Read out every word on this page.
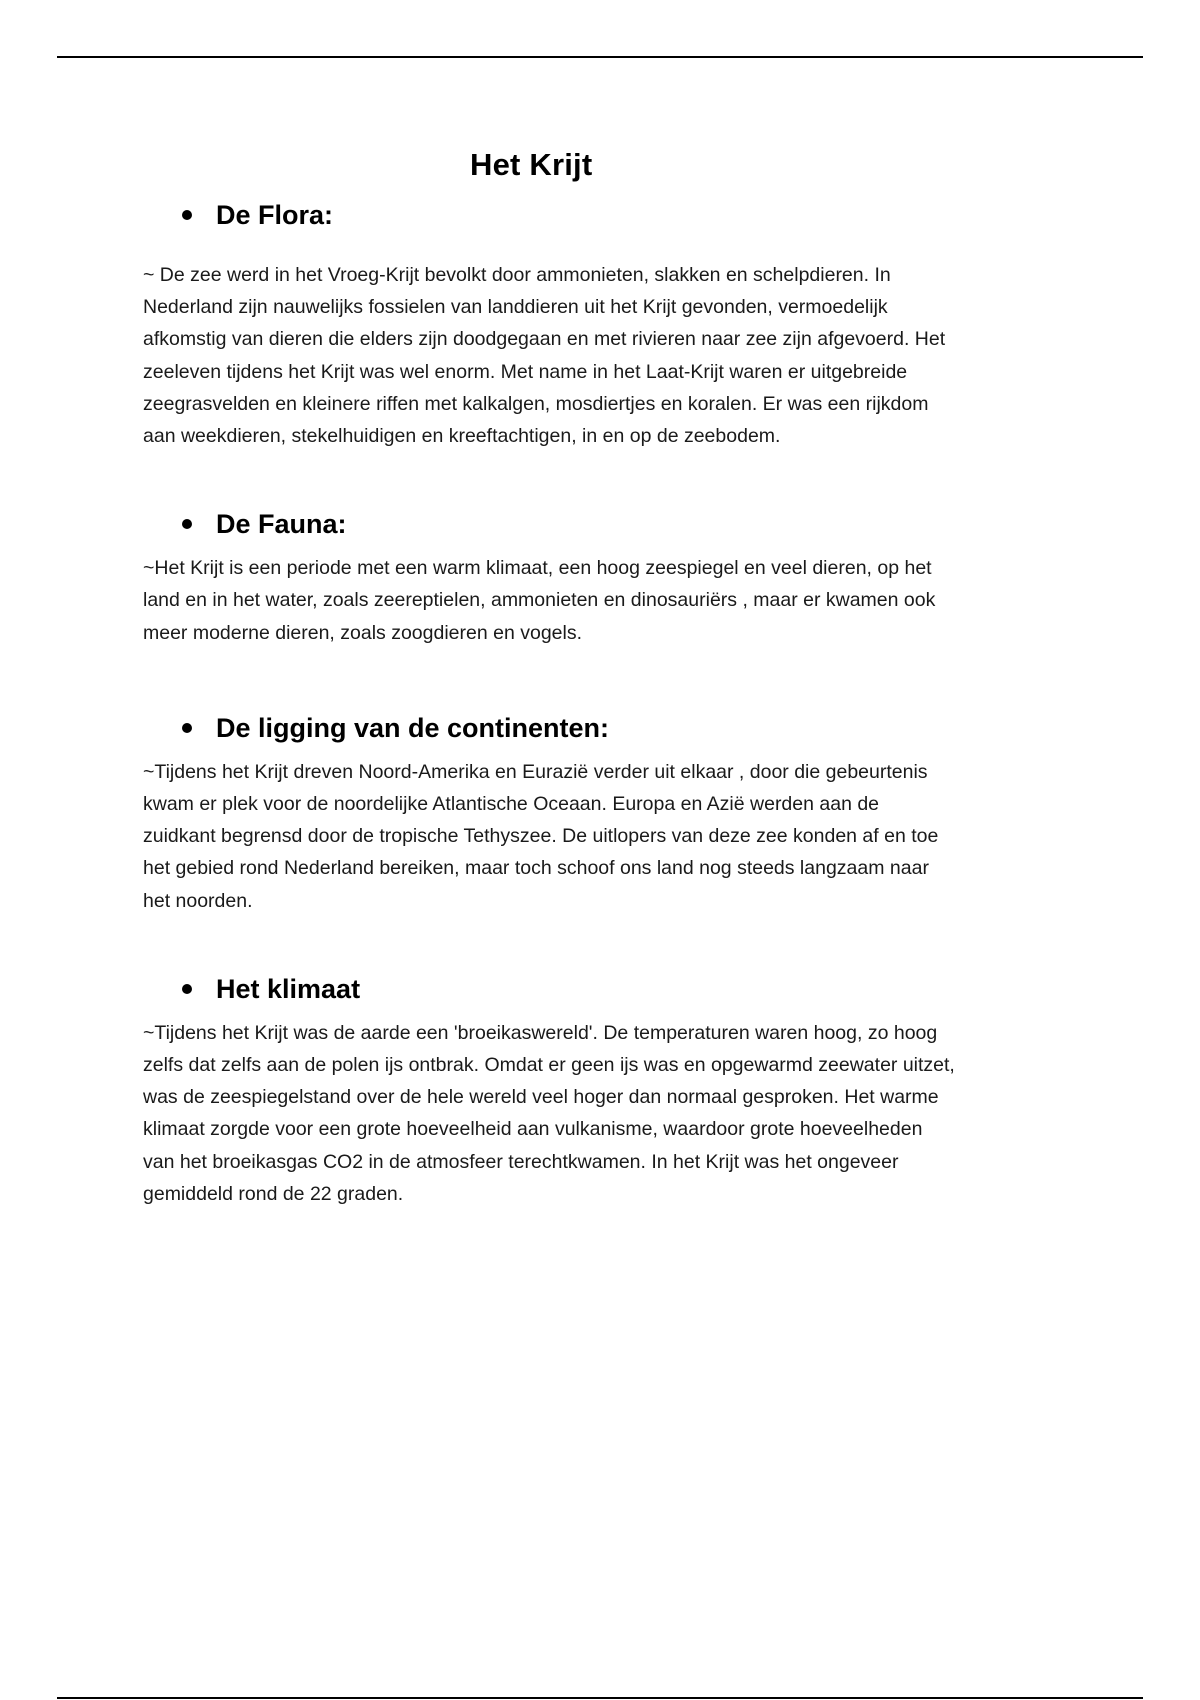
Het Krijt
De Flora:

~ De zee werd in het Vroeg-Krijt bevolkt door ammonieten, slakken en schelpdieren. In
Nederland zijn nauwelijks fossielen van landdieren uit het Krijt gevonden, vermoedelijk
afkomstig van dieren die elders zijn doodgegaan en met rivieren naar zee zijn afgevoerd. Het
zeeleven tijdens het Krijt was wel enorm. Met name in het Laat-Krijt waren er uitgebreide
zeegrasvelden en kleinere riffen met kalkalgen, mosdiertjes en koralen. Er was een rijkdom
aan weekdieren, stekelhuidigen en kreeftachtigen, in en op de zeebodem.

De Fauna:

~Het Krijt is een periode met een warm klimaat, een hoog zeespiegel en veel dieren, op het
land en in het water, zoals zeereptielen, ammonieten en dinosauriërs , maar er kwamen ook
meer moderne dieren, zoals zoogdieren en vogels.

De ligging van de continenten:

~Tijdens het Krijt dreven Noord-Amerika en Eurazië verder uit elkaar , door die gebeurtenis
kwam er plek voor de noordelijke Atlantische Oceaan. Europa en Azië werden aan de
zuidkant begrensd door de tropische Tethyszee. De uitlopers van deze zee konden af en toe
het gebied rond Nederland bereiken, maar toch schoof ons land nog steeds langzaam naar
het noorden.

Het klimaat

~Tijdens het Krijt was de aarde een 'broeikaswereld'. De temperaturen waren hoog, zo hoog
zelfs dat zelfs aan de polen ijs ontbrak. Omdat er geen ijs was en opgewarmd zeewater uitzet,
was de zeespiegelstand over de hele wereld veel hoger dan normaal gesproken. Het warme
klimaat zorgde voor een grote hoeveelheid aan vulkanisme, waardoor grote hoeveelheden
van het broeikasgas CO2 in de atmosfeer terechtkwamen. In het Krijt was het ongeveer
gemiddeld rond de 22 graden.
